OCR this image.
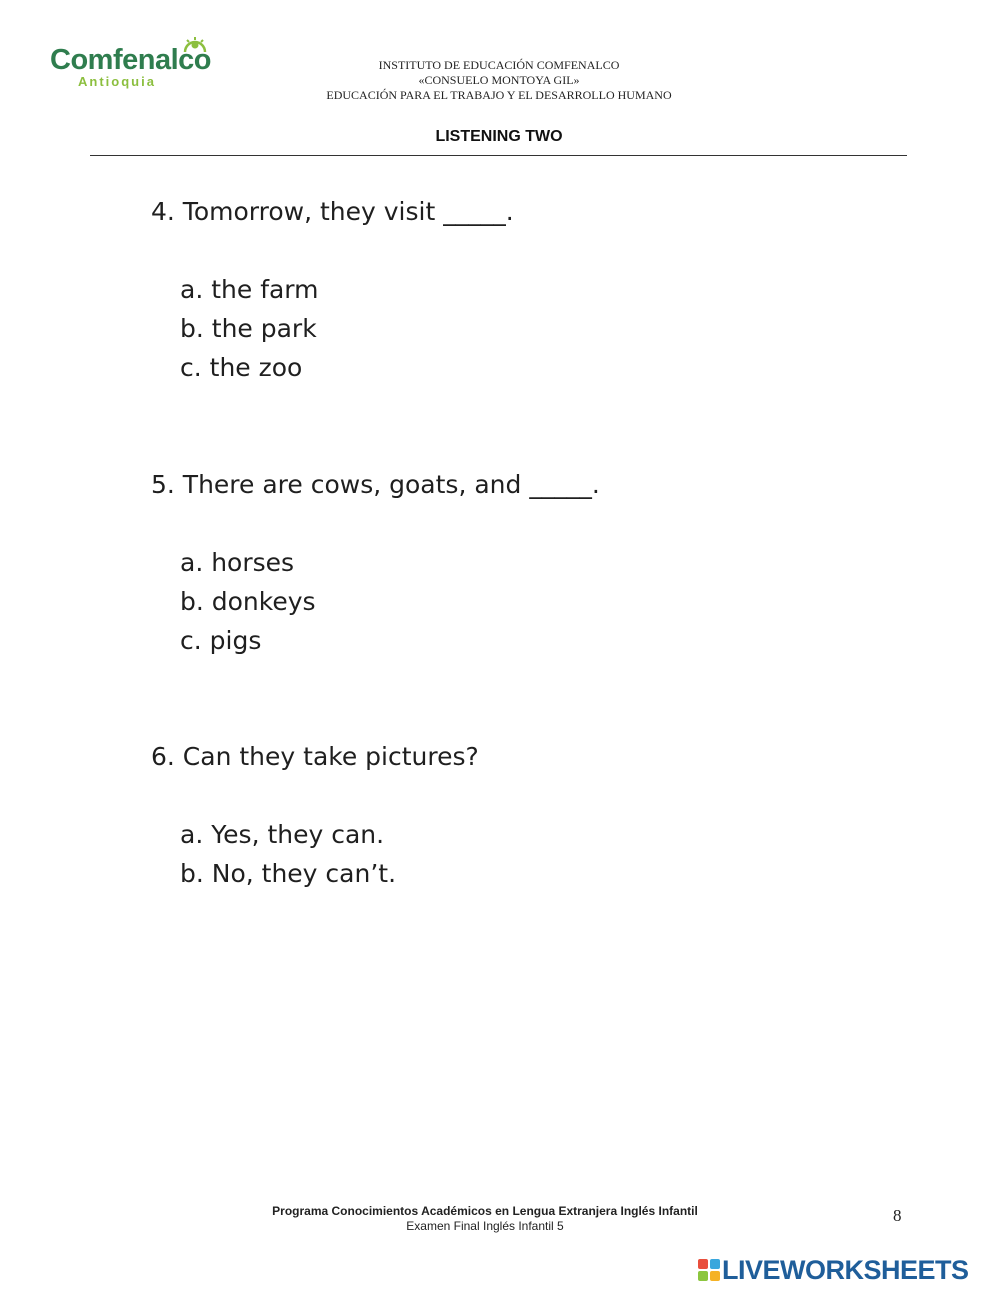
Comfenalco
Antioquia
INSTITUTO DE EDUCACIÓN COMFENALCO
«CONSUELO MONTOYA GIL»
EDUCACIÓN PARA EL TRABAJO Y EL DESARROLLO HUMANO
LISTENING TWO
4. Tomorrow, they visit _____.
a. the farm
b. the park
c. the zoo
5. There are cows, goats, and _____.
a. horses
b. donkeys
c. pigs
6. Can they take pictures?
a. Yes, they can.
b. No, they can’t.
Programa Conocimientos Académicos en Lengua Extranjera Inglés Infantil
Examen Final Inglés Infantil 5
8
LIVEWORKSHEETS
